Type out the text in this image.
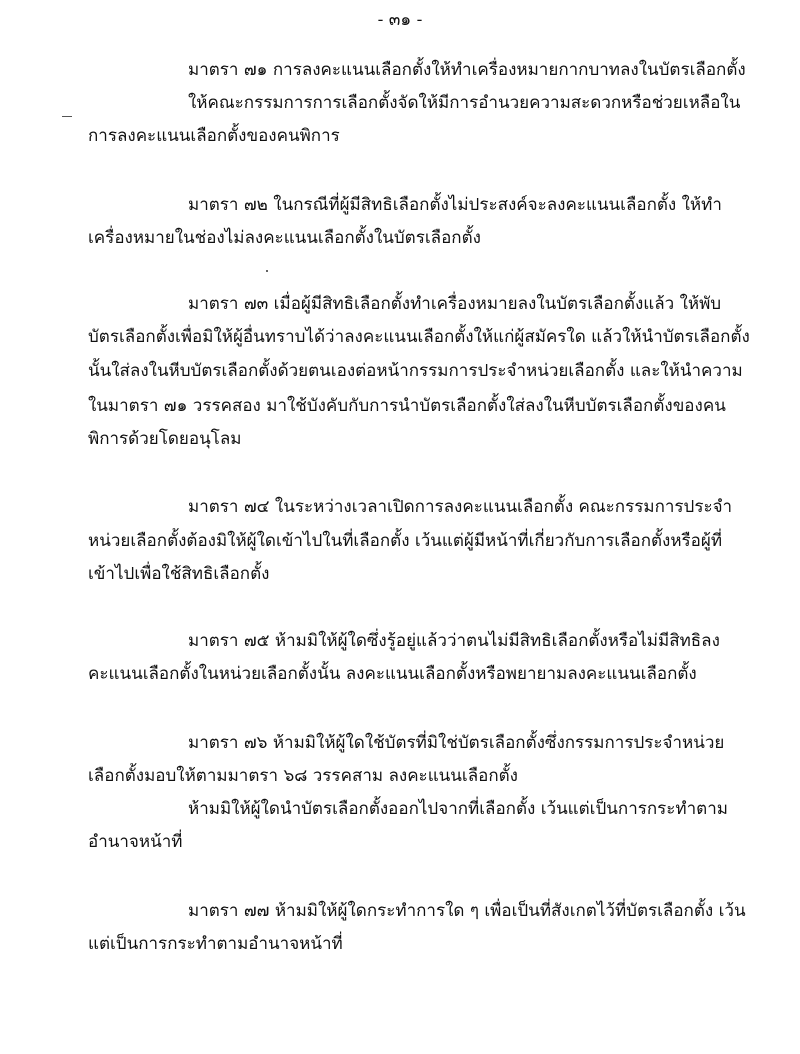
- ๓๑ -
มาตรา ๗๑ การลงคะแนนเลือกตั้งให้ทำเครื่องหมายกากบาทลงในบัตรเลือกตั้ง
ให้คณะกรรมการการเลือกตั้งจัดให้มีการอำนวยความสะดวกหรือช่วยเหลือใน
การลงคะแนนเลือกตั้งของคนพิการ
มาตรา ๗๒ ในกรณีที่ผู้มีสิทธิเลือกตั้งไม่ประสงค์จะลงคะแนนเลือกตั้ง ให้ทำ
เครื่องหมายในช่องไม่ลงคะแนนเลือกตั้งในบัตรเลือกตั้ง
มาตรา ๗๓ เมื่อผู้มีสิทธิเลือกตั้งทำเครื่องหมายลงในบัตรเลือกตั้งแล้ว ให้พับ
บัตรเลือกตั้งเพื่อมิให้ผู้อื่นทราบได้ว่าลงคะแนนเลือกตั้งให้แก่ผู้สมัครใด แล้วให้นำบัตรเลือกตั้ง
นั้นใส่ลงในหีบบัตรเลือกตั้งด้วยตนเองต่อหน้ากรรมการประจำหน่วยเลือกตั้ง และให้นำความ
ในมาตรา ๗๑ วรรคสอง มาใช้บังคับกับการนำบัตรเลือกตั้งใส่ลงในหีบบัตรเลือกตั้งของคน
พิการด้วยโดยอนุโลม
มาตรา ๗๔ ในระหว่างเวลาเปิดการลงคะแนนเลือกตั้ง คณะกรรมการประจำ
หน่วยเลือกตั้งต้องมิให้ผู้ใดเข้าไปในที่เลือกตั้ง เว้นแต่ผู้มีหน้าที่เกี่ยวกับการเลือกตั้งหรือผู้ที่
เข้าไปเพื่อใช้สิทธิเลือกตั้ง
มาตรา ๗๕ ห้ามมิให้ผู้ใดซึ่งรู้อยู่แล้วว่าตนไม่มีสิทธิเลือกตั้งหรือไม่มีสิทธิลง
คะแนนเลือกตั้งในหน่วยเลือกตั้งนั้น ลงคะแนนเลือกตั้งหรือพยายามลงคะแนนเลือกตั้ง
มาตรา ๗๖ ห้ามมิให้ผู้ใดใช้บัตรที่มิใช่บัตรเลือกตั้งซึ่งกรรมการประจำหน่วย
เลือกตั้งมอบให้ตามมาตรา ๖๘ วรรคสาม ลงคะแนนเลือกตั้ง
ห้ามมิให้ผู้ใดนำบัตรเลือกตั้งออกไปจากที่เลือกตั้ง เว้นแต่เป็นการกระทำตาม
อำนาจหน้าที่
มาตรา ๗๗ ห้ามมิให้ผู้ใดกระทำการใด ๆ เพื่อเป็นที่สังเกตไว้ที่บัตรเลือกตั้ง เว้น
แต่เป็นการกระทำตามอำนาจหน้าที่
